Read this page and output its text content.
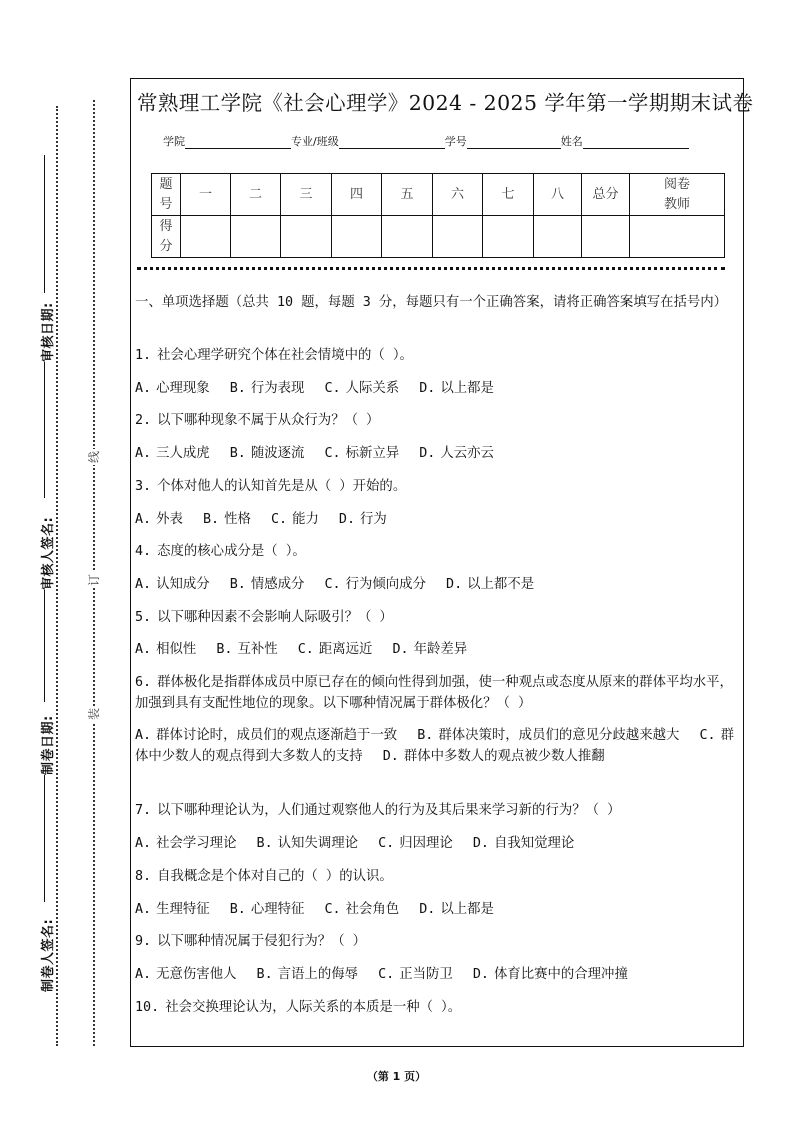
线
订
装
审核日期:
审核人签名:
制卷日期:
制卷人签名:
常熟理工学院《社会心理学》2024 - 2025 学年第一学期期末试卷
学院	专业/班级	学号	姓名
题号	一	二	三	四	五	六	七	八	总分	阅卷教师
得分										
一、单项选择题（总共 10 题，每题 3 分，每题只有一个正确答案，请将正确答案填写在括号内）
1. 社会心理学研究个体在社会情境中的（ ）。
A. 心理现象 B. 行为表现 C. 人际关系 D. 以上都是
2. 以下哪种现象不属于从众行为？（ ）
A. 三人成虎 B. 随波逐流 C. 标新立异 D. 人云亦云
3. 个体对他人的认知首先是从（ ）开始的。
A. 外表 B. 性格 C. 能力 D. 行为
4. 态度的核心成分是（ ）。
A. 认知成分 B. 情感成分 C. 行为倾向成分 D. 以上都不是
5. 以下哪种因素不会影响人际吸引？（ ）
A. 相似性 B. 互补性 C. 距离远近 D. 年龄差异
6. 群体极化是指群体成员中原已存在的倾向性得到加强，使一种观点或态度从原来的群体平均水平，加强到具有支配性地位的现象。以下哪种情况属于群体极化？（ ）
A. 群体讨论时，成员们的观点逐渐趋于一致 B. 群体决策时，成员们的意见分歧越来越大 C. 群体中少数人的观点得到大多数人的支持 D. 群体中多数人的观点被少数人推翻
7. 以下哪种理论认为，人们通过观察他人的行为及其后果来学习新的行为？（ ）
A. 社会学习理论 B. 认知失调理论 C. 归因理论 D. 自我知觉理论
8. 自我概念是个体对自己的（ ）的认识。
A. 生理特征 B. 心理特征 C. 社会角色 D. 以上都是
9. 以下哪种情况属于侵犯行为？（ ）
A. 无意伤害他人 B. 言语上的侮辱 C. 正当防卫 D. 体育比赛中的合理冲撞
10. 社会交换理论认为，人际关系的本质是一种（ ）。
（第 1 页）
